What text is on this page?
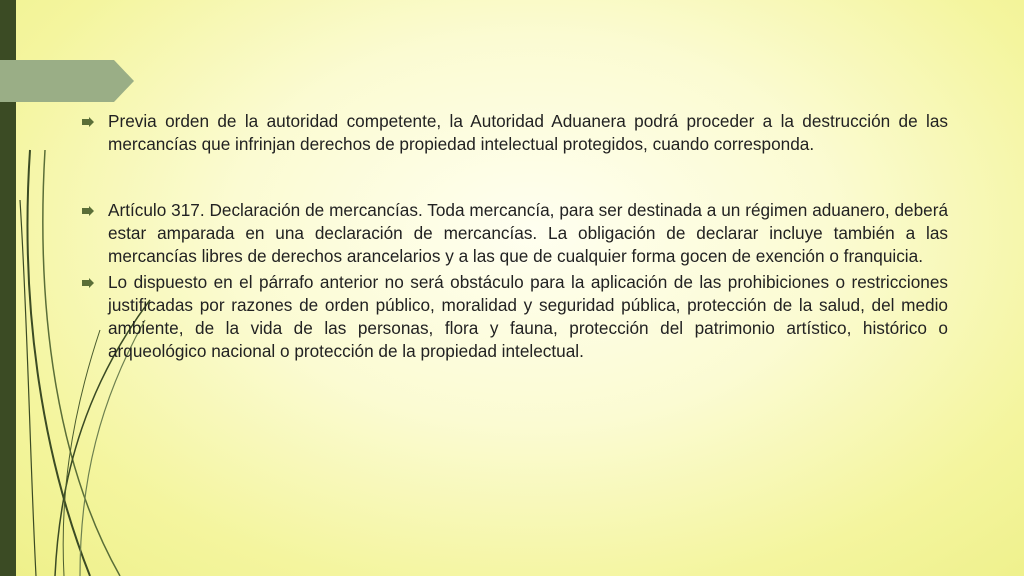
Previa orden de la autoridad competente, la Autoridad Aduanera podrá proceder a la destrucción de las mercancías que infrinjan derechos de propiedad intelectual protegidos, cuando corresponda.

Artículo 317. Declaración de mercancías. Toda mercancía, para ser destinada a un régimen aduanero, deberá estar amparada en una declaración de mercancías. La obligación de declarar incluye también a las mercancías libres de derechos arancelarios y a las que de cualquier forma gocen de exención o franquicia.

Lo dispuesto en el párrafo anterior no será obstáculo para la aplicación de las prohibiciones o restricciones justificadas por razones de orden público, moralidad y seguridad pública, protección de la salud, del medio ambiente, de la vida de las personas, flora y fauna, protección del patrimonio artístico, histórico o arqueológico nacional o protección de la propiedad intelectual.
